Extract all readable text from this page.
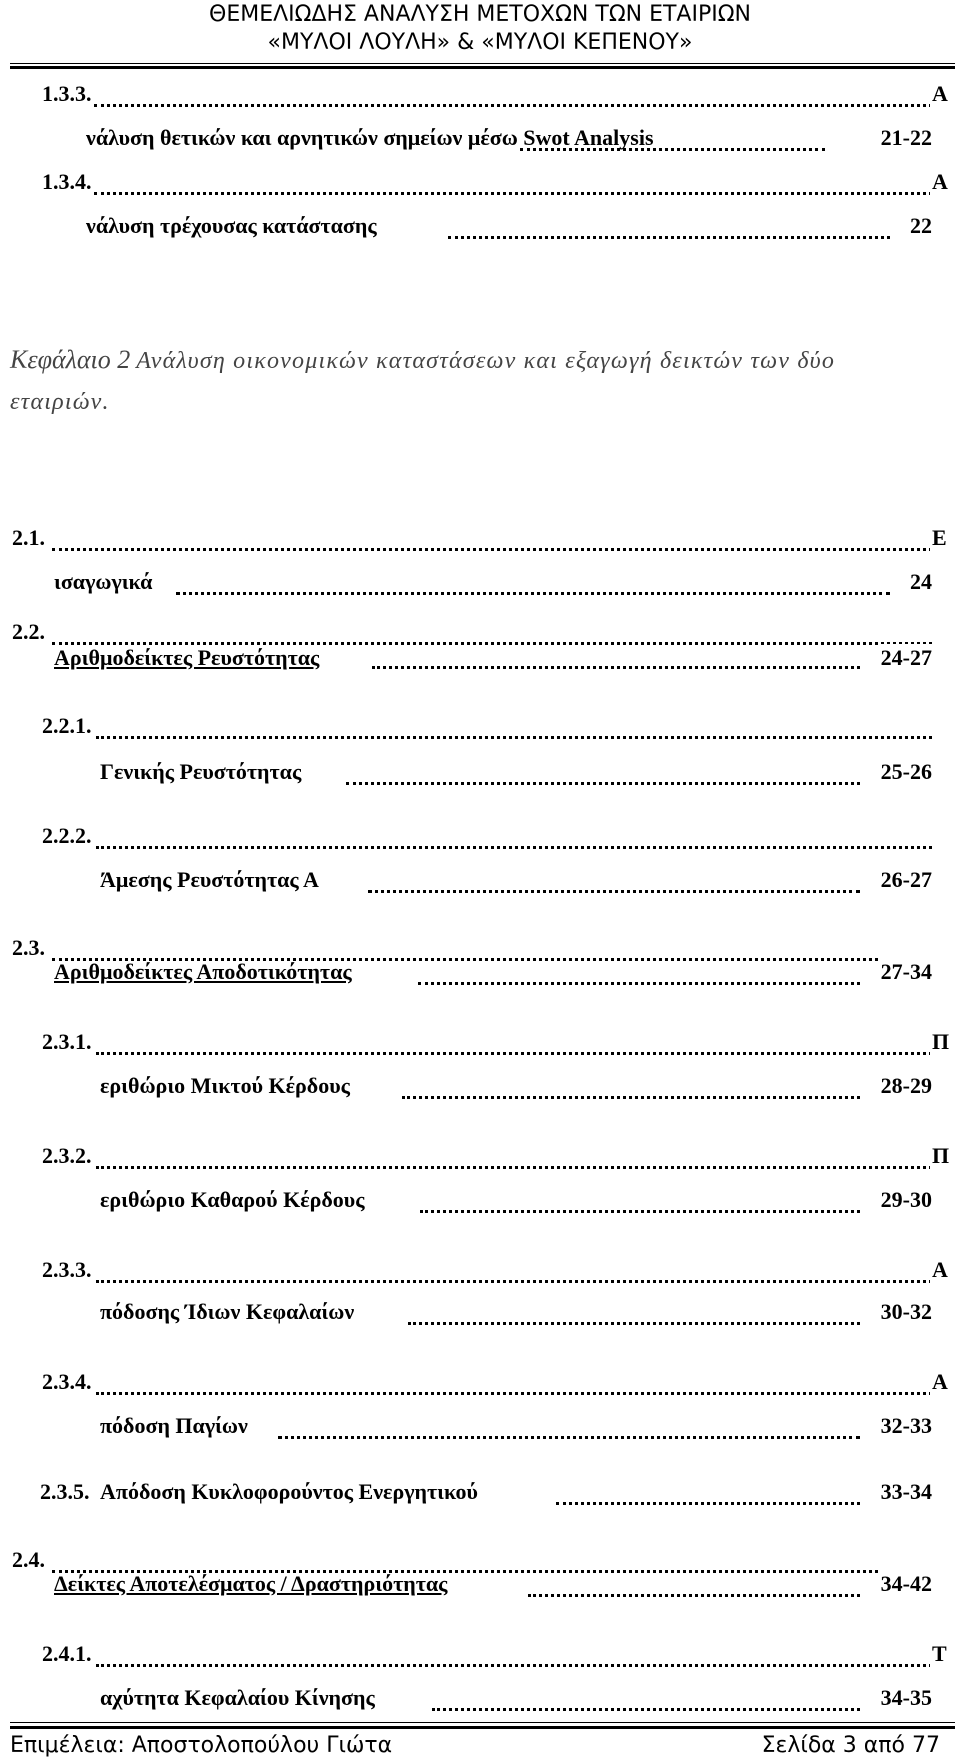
ΘΕΜΕΛΙΩΔΗΣ ΑΝΑΛΥΣΗ ΜΕΤΟΧΩΝ ΤΩΝ ΕΤΑΙΡΙΩΝ
«ΜΥΛΟΙ ΛΟΥΛΗ» & «ΜΥΛΟΙ ΚΕΠΕΝΟΥ»
1.3.3.	Α
νάλυση θετικών και αρνητικών σημείων μέσω Swot Analysis	21-22
1.3.4.	Α
νάλυση τρέχουσας κατάστασης	22
Κεφάλαιο 2 Ανάλυση οικονομικών καταστάσεων και εξαγωγή δεικτών των δύο
εταιριών.
2.1.	Ε
ισαγωγικά	24
2.2.
Αριθμοδείκτες Ρευστότητας	24-27
2.2.1.
Γενικής Ρευστότητας	25-26
2.2.2.
Άμεσης Ρευστότητας Α	26-27
2.3.
Αριθμοδείκτες Αποδοτικότητας	27-34
2.3.1.	Π
εριθώριο Μικτού Κέρδους	28-29
2.3.2.	Π
εριθώριο Καθαρού Κέρδους	29-30
2.3.3.	Α
πόδοσης Ίδιων Κεφαλαίων	30-32
2.3.4.	Α
πόδοση Παγίων	32-33
2.3.5. Απόδοση Κυκλοφορούντος Ενεργητικού	33-34
2.4.
Δείκτες Αποτελέσματος / Δραστηριότητας	34-42
2.4.1.	Τ
αχύτητα Κεφαλαίου Κίνησης	34-35
Επιμέλεια: Αποστολοπούλου Γιώτα	Σελίδα 3 από 77
